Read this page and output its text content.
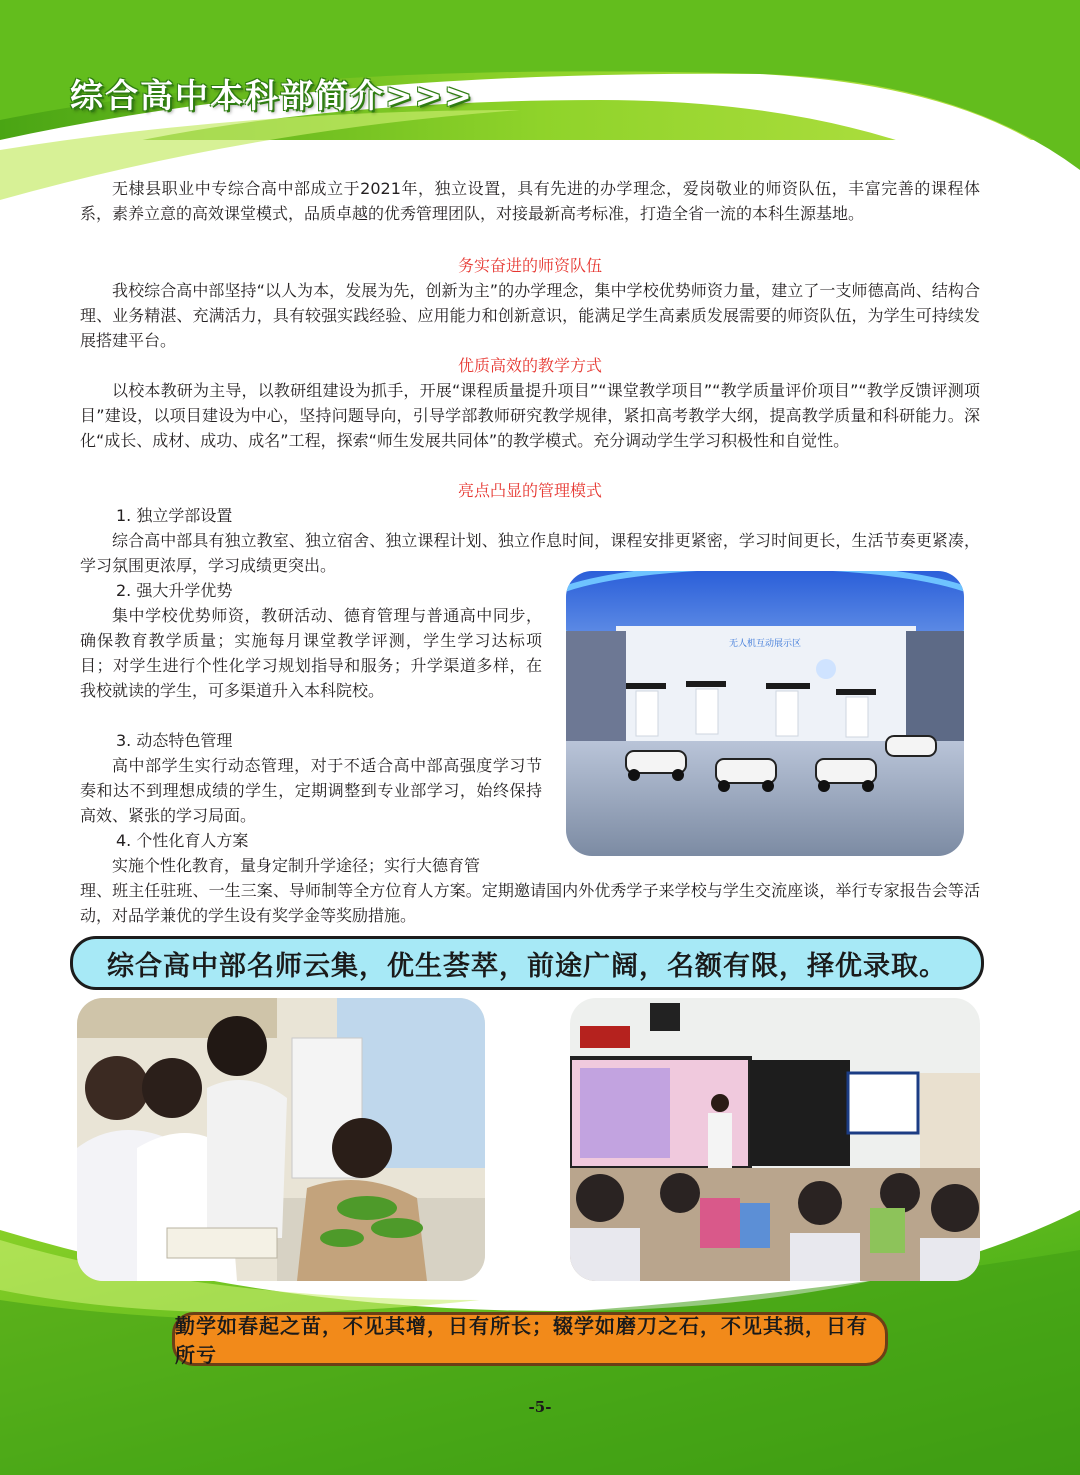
综合高中本科部简介>>>

无棣县职业中专综合高中部成立于2021年，独立设置，具有先进的办学理念，爱岗敬业的师资队伍，丰富完善的课程体系，素养立意的高效课堂模式，品质卓越的优秀管理团队，对接最新高考标准，打造全省一流的本科生源基地。

务实奋进的师资队伍

我校综合高中部坚持“以人为本，发展为先，创新为主”的办学理念，集中学校优势师资力量，建立了一支师德高尚、结构合理、业务精湛、充满活力，具有较强实践经验、应用能力和创新意识，能满足学生高素质发展需要的师资队伍，为学生可持续发展搭建平台。

优质高效的教学方式

以校本教研为主导，以教研组建设为抓手，开展“课程质量提升项目”“课堂教学项目”“教学质量评价项目”“教学反馈评测项目”建设，以项目建设为中心，坚持问题导向，引导学部教师研究教学规律，紧扣高考教学大纲，提高教学质量和科研能力。深化“成长、成材、成功、成名”工程，探索“师生发展共同体”的教学模式。充分调动学生学习积极性和自觉性。

亮点凸显的管理模式
1. 独立学部设置

综合高中部具有独立教室、独立宿舍、独立课程计划、独立作息时间，课程安排更紧密，学习时间更长，生活节奏更紧凑，学习氛围更浓厚，学习成绩更突出。

2. 强大升学优势

集中学校优势师资，教研活动、德育管理与普通高中同步，确保教育教学质量；实施每月课堂教学评测，学生学习达标项目；对学生进行个性化学习规划指导和服务；升学渠道多样，在我校就读的学生，可多渠道升入本科院校。

3. 动态特色管理

高中部学生实行动态管理，对于不适合高中部高强度学习节奏和达不到理想成绩的学生，定期调整到专业部学习，始终保持高效、紧张的学习局面。

4. 个性化育人方案

实施个性化教育，量身定制升学途径；实行大德育管

理、班主任驻班、一生三案、导师制等全方位育人方案。定期邀请国内外优秀学子来学校与学生交流座谈，举行专家报告会等活动，对品学兼优的学生设有奖学金等奖励措施。

无人机互动展示区
综合高中部名师云集，优生荟萃，前途广阔，名额有限，择优录取。
勤学如春起之苗，不见其增，日有所长；辍学如磨刀之石，不见其损，日有所亏
-5-
